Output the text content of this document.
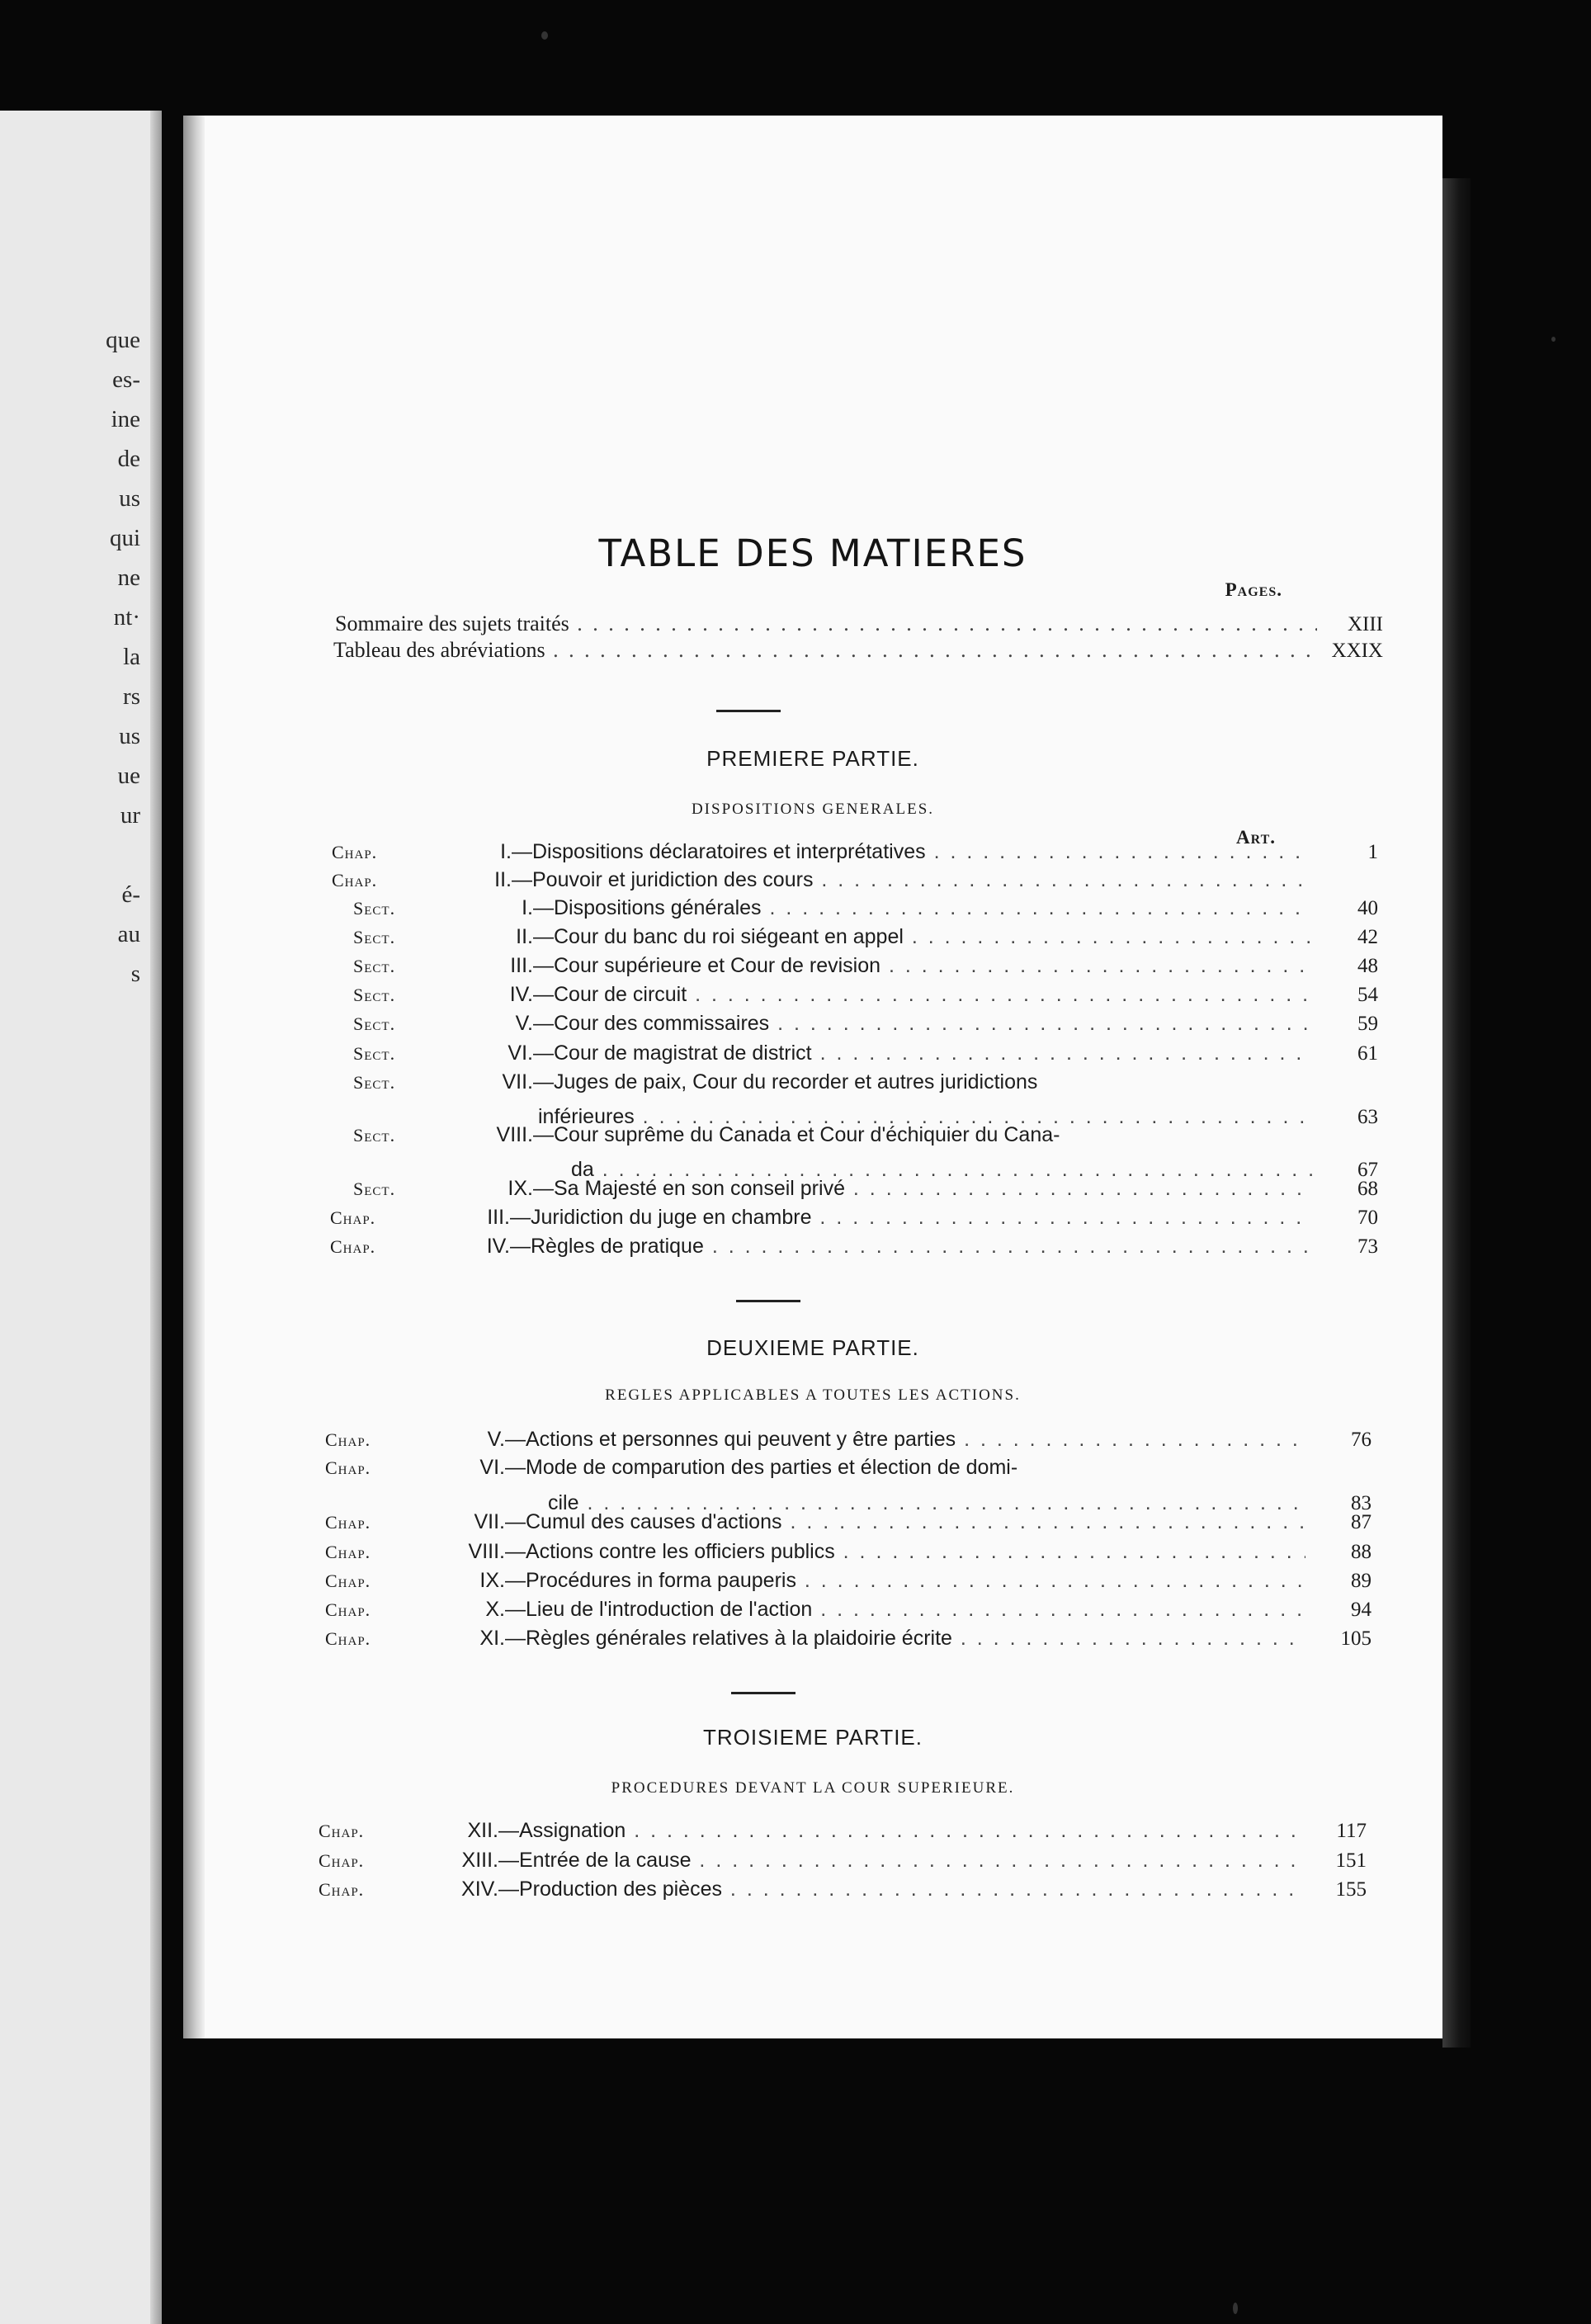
que
es-
ine
de
us
qui
ne
nt·
la
rs
us
ue
ur
é-
au
s
TABLE DES MATIERES
Pages.
Sommaire des sujets traités . . .	XIII
Tableau des abréviations . . .	XXIX
PREMIERE PARTIE.
DISPOSITIONS GENERALES.
Art.
Chap.	I. —Dispositions déclaratoires et interprétatives . . .	1
Chap.	II. —Pouvoir et juridiction des cours . . .
Sect.	I. —Dispositions générales . . .	40
Sect.	II. —Cour du banc du roi siégeant en appel . . .	42
Sect.	III. —Cour supérieure et Cour de revision . . .	48
Sect.	IV. —Cour de circuit . . .	54
Sect.	V. —Cour des commissaires . . .	59
Sect.	VI. —Cour de magistrat de district . . .	61
Sect.	VII. —Juges de paix, Cour du recorder et autres juridictions
inférieures . . .	63
Sect.	VIII. —Cour suprême du Canada et Cour d'échiquier du Cana-
da . . .	67
Sect.	IX. —Sa Majesté en son conseil privé . . .	68
Chap.	III. —Juridiction du juge en chambre . . .	70
Chap.	IV. —Règles de pratique . . .	73
DEUXIEME PARTIE.
REGLES APPLICABLES A TOUTES LES ACTIONS.
Chap.	V. —Actions et personnes qui peuvent y être parties . . .	76
Chap.	VI. —Mode de comparution des parties et élection de domi-
cile . . .	83
Chap.	VII. —Cumul des causes d'actions . . .	87
Chap.	VIII. —Actions contre les officiers publics . . .	88
Chap.	IX. —Procédures in forma pauperis . . .	89
Chap.	X. —Lieu de l'introduction de l'action . . .	94
Chap.	XI. —Règles générales relatives à la plaidoirie écrite . . .	105
TROISIEME PARTIE.
PROCEDURES DEVANT LA COUR SUPERIEURE.
Chap.	XII. —Assignation . . .	117
Chap.	XIII. —Entrée de la cause . . .	151
Chap.	XIV. —Production des pièces . . .	155
